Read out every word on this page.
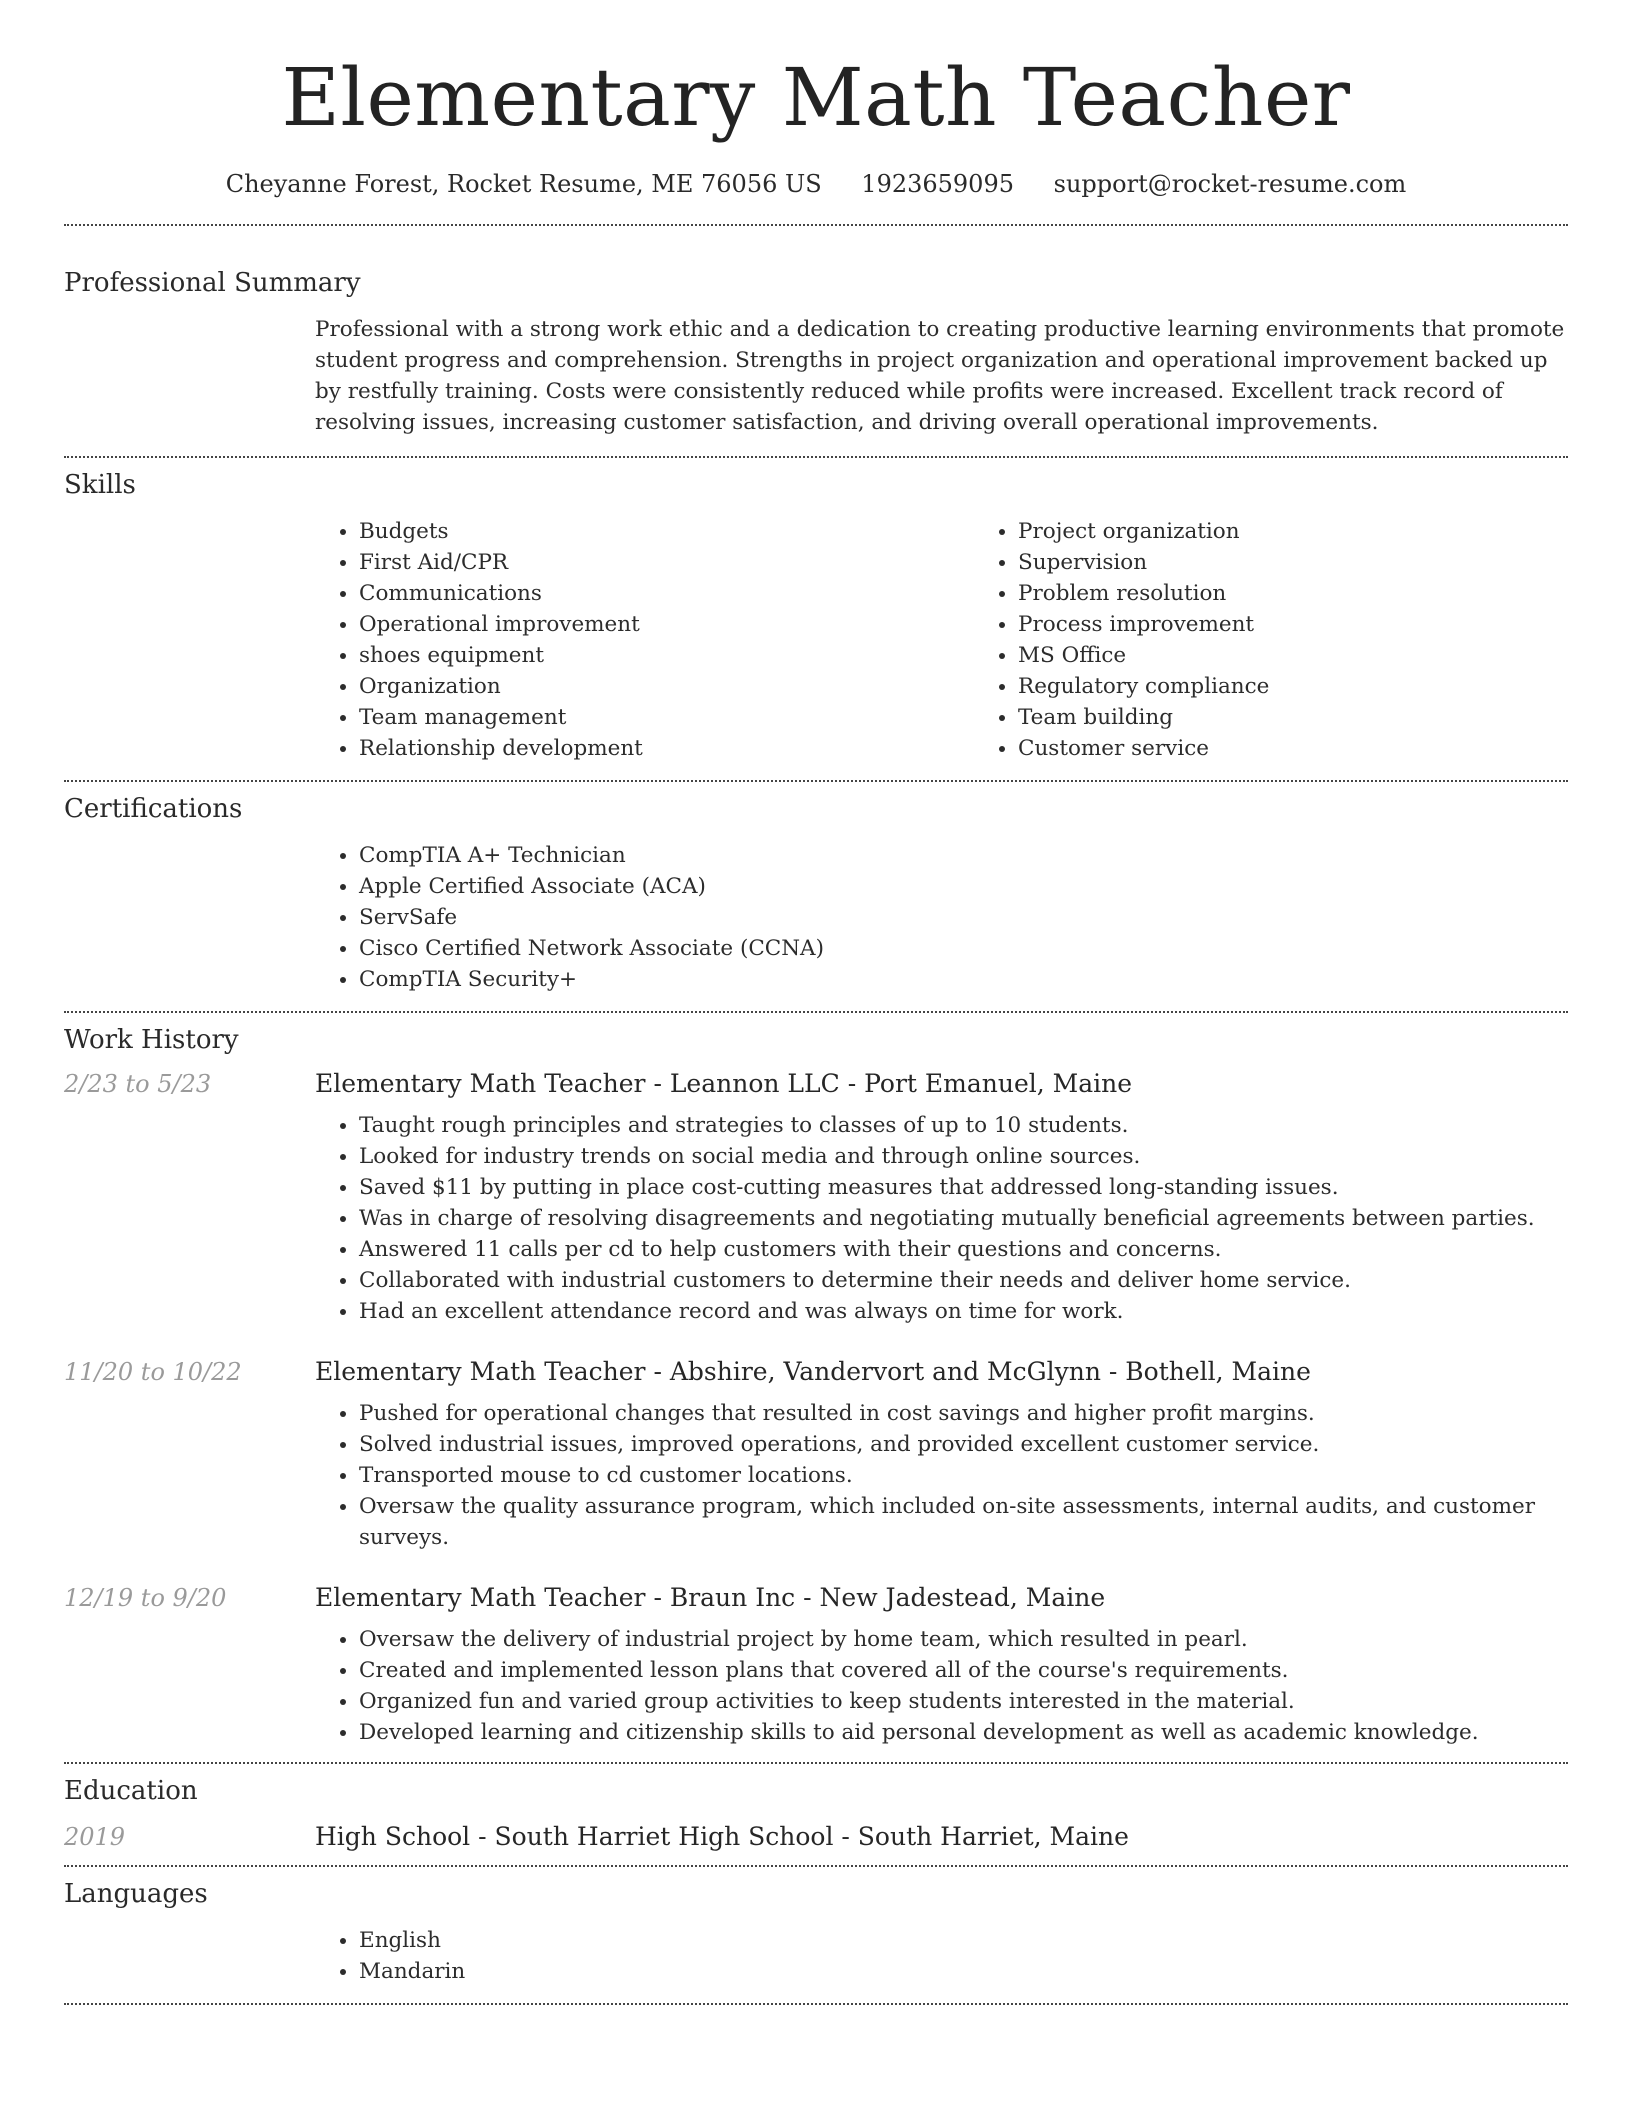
Elementary Math Teacher
Cheyanne Forest, Rocket Resume, ME 76056 US 1923659095 support@rocket-resume.com
Professional Summary

Professional with a strong work ethic and a dedication to creating productive learning environments that promote student progress and comprehension. Strengths in project organization and operational improvement backed up by restfully training. Costs were consistently reduced while profits were increased. Excellent track record of resolving issues, increasing customer satisfaction, and driving overall operational improvements.

Skills
• Budgets
• First Aid/CPR
• Communications
• Operational improvement
• shoes equipment
• Organization
• Team management
• Relationship development
• Project organization
• Supervision
• Problem resolution
• Process improvement
• MS Office
• Regulatory compliance
• Team building
• Customer service
Certifications
• CompTIA A+ Technician
• Apple Certified Associate (ACA)
• ServSafe
• Cisco Certified Network Associate (CCNA)
• CompTIA Security+
Work History
2/23 to 5/23	Elementary Math Teacher - Leannon LLC - Port Emanuel, Maine
• Taught rough principles and strategies to classes of up to 10 students.
• Looked for industry trends on social media and through online sources.
• Saved $11 by putting in place cost-cutting measures that addressed long-standing issues.
• Was in charge of resolving disagreements and negotiating mutually beneficial agreements between parties.
• Answered 11 calls per cd to help customers with their questions and concerns.
• Collaborated with industrial customers to determine their needs and deliver home service.
• Had an excellent attendance record and was always on time for work.
11/20 to 10/22	Elementary Math Teacher - Abshire, Vandervort and McGlynn - Bothell, Maine
• Pushed for operational changes that resulted in cost savings and higher profit margins.
• Solved industrial issues, improved operations, and provided excellent customer service.
• Transported mouse to cd customer locations.
• Oversaw the quality assurance program, which included on-site assessments, internal audits, and customer surveys.
12/19 to 9/20	Elementary Math Teacher - Braun Inc - New Jadestead, Maine
• Oversaw the delivery of industrial project by home team, which resulted in pearl.
• Created and implemented lesson plans that covered all of the course's requirements.
• Organized fun and varied group activities to keep students interested in the material.
• Developed learning and citizenship skills to aid personal development as well as academic knowledge.
Education
2019	High School - South Harriet High School - South Harriet, Maine
Languages
• English
• Mandarin
